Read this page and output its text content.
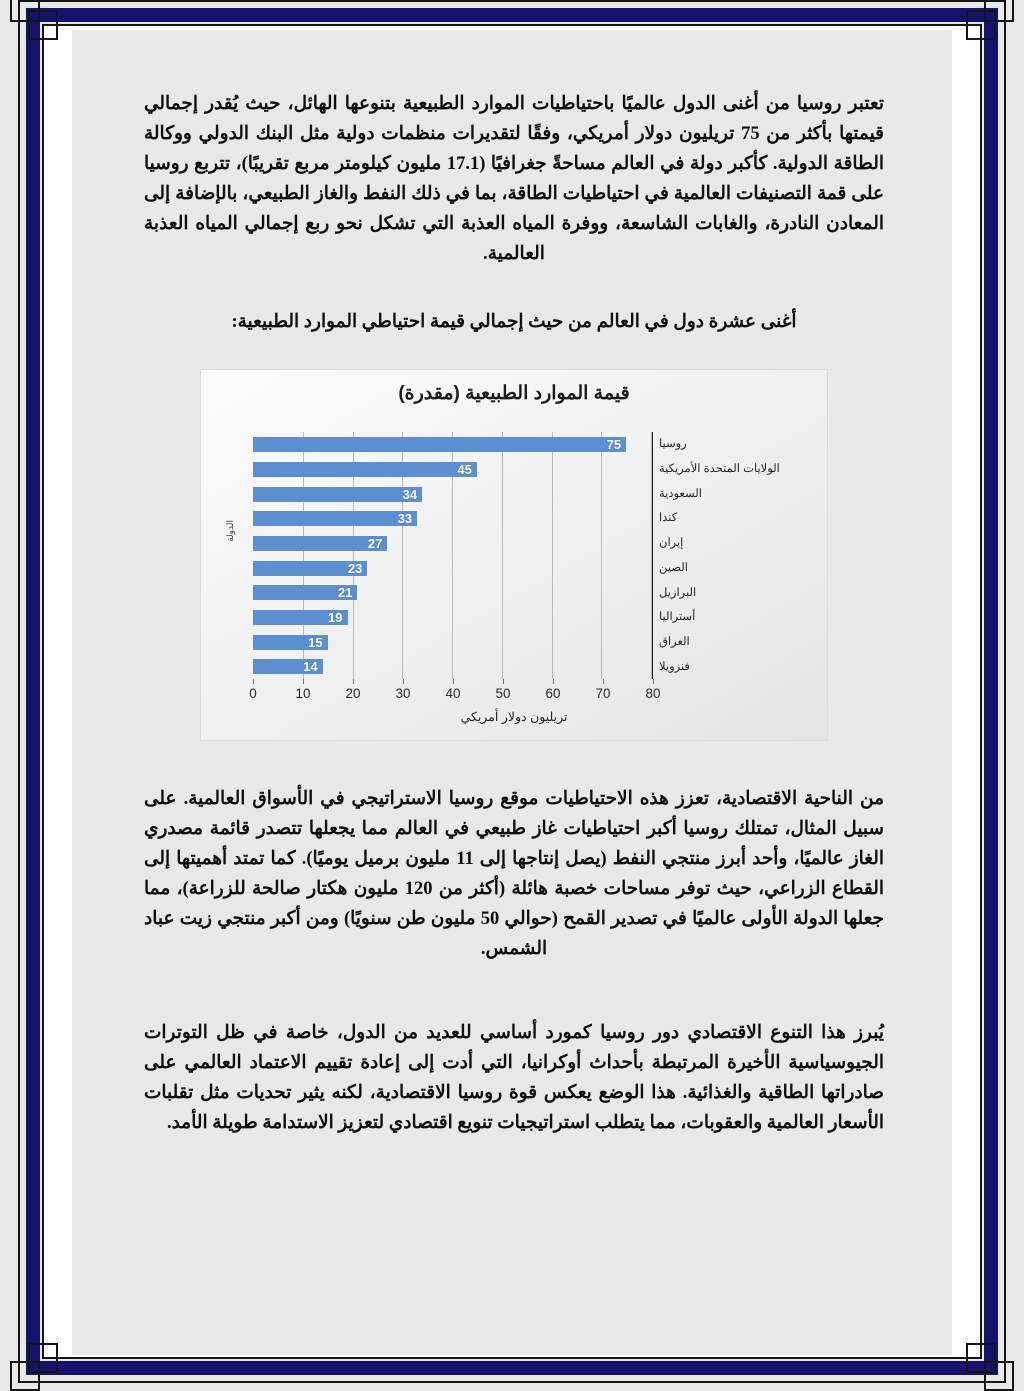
تعتبر روسيا من أغنى الدول عالميًا باحتياطيات الموارد الطبيعية بتنوعها الهائل، حيث يُقدر إجمالي قيمتها بأكثر من 75 تريليون دولار أمريكي، وفقًا لتقديرات منظمات دولية مثل البنك الدولي ووكالة الطاقة الدولية. كأكبر دولة في العالم مساحةً جغرافيًا (17.1 مليون كيلومتر مربع تقريبًا)، تتربع روسيا على قمة التصنيفات العالمية في احتياطيات الطاقة، بما في ذلك النفط والغاز الطبيعي، بالإضافة إلى المعادن النادرة، والغابات الشاسعة، ووفرة المياه العذبة التي تشكل نحو ربع إجمالي المياه العذبة العالمية.

أغنى عشرة دول في العالم من حيث إجمالي قيمة احتياطي الموارد الطبيعية:

قيمة الموارد الطبيعية (مقدرة)
الدولة
روسيا
الولايات المتحدة الأمريكية
السعودية
كندا
إيران
الصين
البرازيل
أستراليا
العراق
فنزويلا
75
45
34
33
27
23
21
19
15
14
0	10	20	30	40	50	60	70	80
تريليون دولار أمريكي

من الناحية الاقتصادية، تعزز هذه الاحتياطيات موقع روسيا الاستراتيجي في الأسواق العالمية. على سبيل المثال، تمتلك روسيا أكبر احتياطيات غاز طبيعي في العالم مما يجعلها تتصدر قائمة مصدري الغاز عالميًا، وأحد أبرز منتجي النفط (يصل إنتاجها إلى 11 مليون برميل يوميًا). كما تمتد أهميتها إلى القطاع الزراعي، حيث توفر مساحات خصبة هائلة (أكثر من 120 مليون هكتار صالحة للزراعة)، مما جعلها الدولة الأولى عالميًا في تصدير القمح (حوالي 50 مليون طن سنويًا) ومن أكبر منتجي زيت عباد الشمس.

يُبرز هذا التنوع الاقتصادي دور روسيا كمورد أساسي للعديد من الدول، خاصة في ظل التوترات الجيوسياسية الأخيرة المرتبطة بأحداث أوكرانيا، التي أدت إلى إعادة تقييم الاعتماد العالمي على صادراتها الطاقية والغذائية. هذا الوضع يعكس قوة روسيا الاقتصادية، لكنه يثير تحديات مثل تقلبات الأسعار العالمية والعقوبات، مما يتطلب استراتيجيات تنويع اقتصادي لتعزيز الاستدامة طويلة الأمد.
